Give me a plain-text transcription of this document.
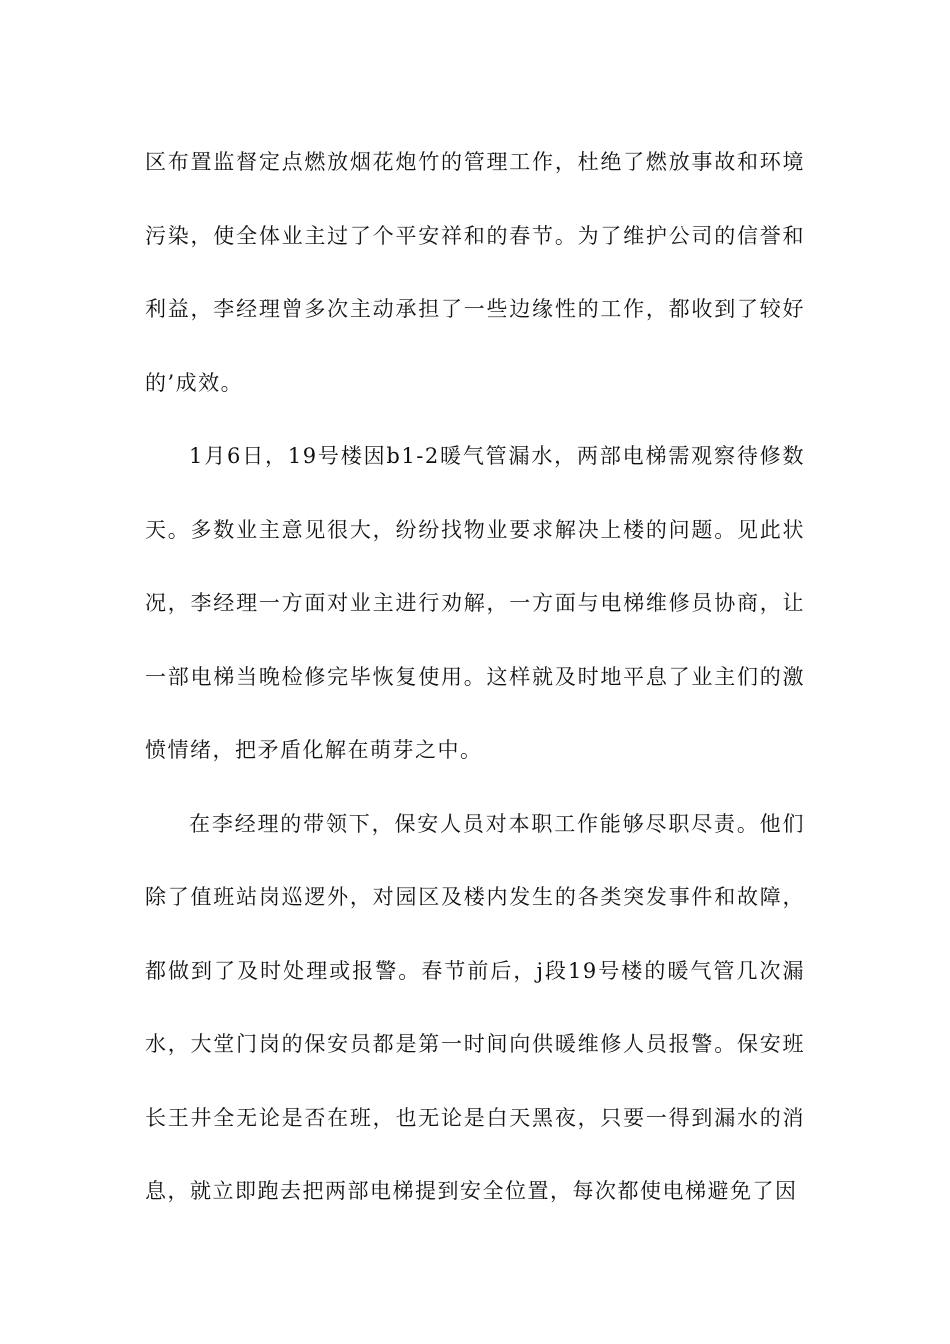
区布置监督定点燃放烟花炮竹的管理工作，杜绝了燃放事故和环境污染，使全体业主过了个平安祥和的春节。为了维护公司的信誉和利益，李经理曾多次主动承担了一些边缘性的工作，都收到了较好的’成效。

1月6日，19号楼因b1-2暖气管漏水，两部电梯需观察待修数天。多数业主意见很大，纷纷找物业要求解决上楼的问题。见此状况，李经理一方面对业主进行劝解，一方面与电梯维修员协商，让一部电梯当晚检修完毕恢复使用。这样就及时地平息了业主们的激愤情绪，把矛盾化解在萌芽之中。

在李经理的带领下，保安人员对本职工作能够尽职尽责。他们除了值班站岗巡逻外，对园区及楼内发生的各类突发事件和故障，都做到了及时处理或报警。春节前后，j段19号楼的暖气管几次漏水，大堂门岗的保安员都是第一时间向供暖维修人员报警。保安班长王井全无论是否在班，也无论是白天黑夜，只要一得到漏水的消息，就立即跑去把两部电梯提到安全位置，每次都使电梯避免了因
